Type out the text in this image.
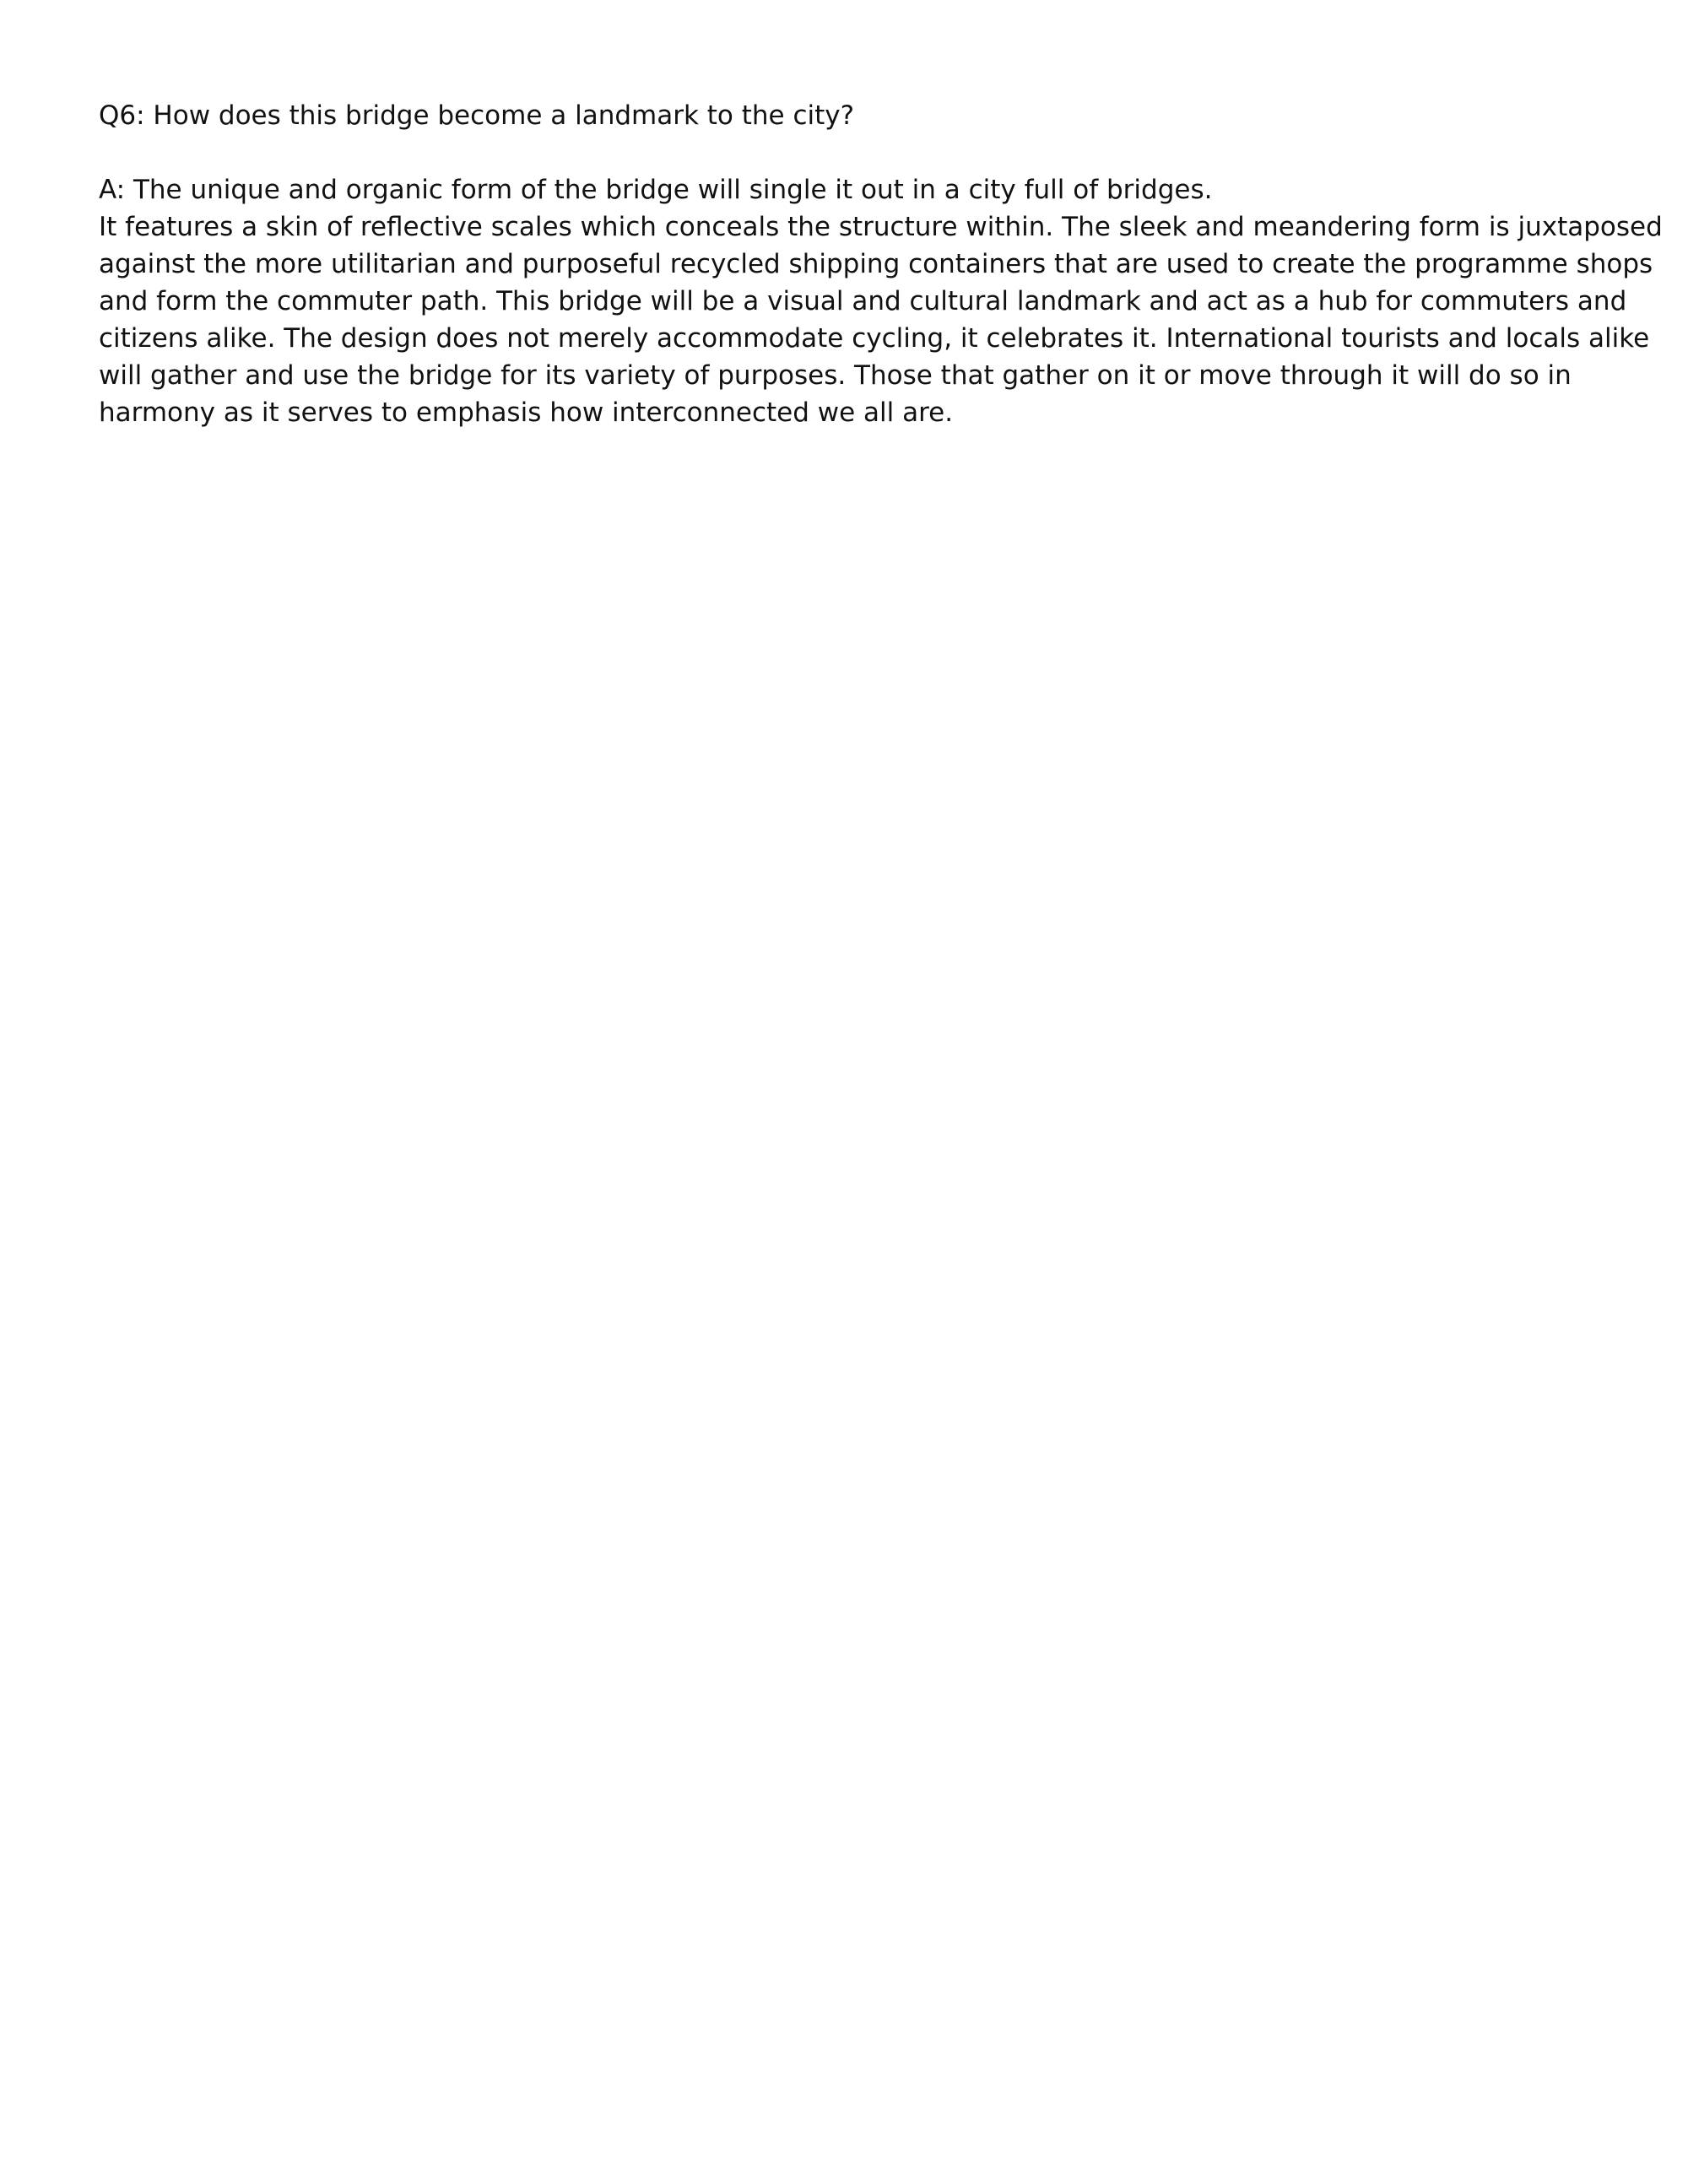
Q6: How does this bridge become a landmark to the city?

A: The unique and organic form of the bridge will single it out in a city full of bridges.
It features a skin of reflective scales which conceals the structure within. The sleek and meandering form is juxtaposed
against the more utilitarian and purposeful recycled shipping containers that are used to create the programme shops
and form the commuter path. This bridge will be a visual and cultural landmark and act as a hub for commuters and
citizens alike. The design does not merely accommodate cycling, it celebrates it. International tourists and locals alike
will gather and use the bridge for its variety of purposes. Those that gather on it or move through it will do so in
harmony as it serves to emphasis how interconnected we all are.
